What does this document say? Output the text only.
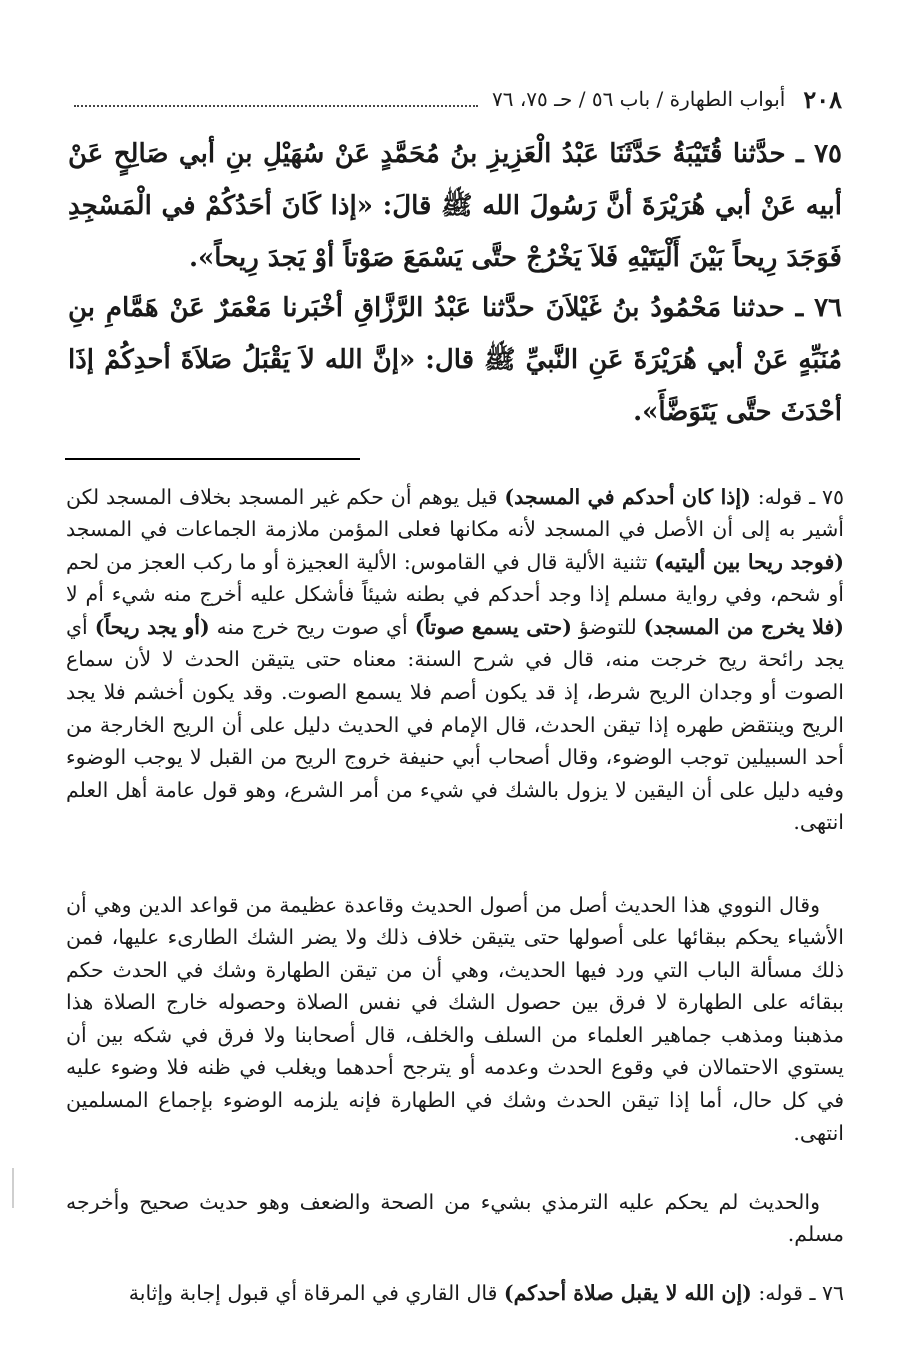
٢٠٨
أبواب الطهارة / باب ٥٦ / حـ ٧٥، ٧٦
٧٥ ـ حدَّثنا قُتَيْبَةُ حَدَّثَنَا عَبْدُ الْعَزِيزِ بنُ مُحَمَّدٍ عَنْ سُهَيْلِ بنِ أبي صَالِحٍ عَنْ أبيه عَنْ أبي هُرَيْرَةَ أنَّ رَسُولَ الله ﷺ قالَ: «إذا كَانَ أحَدُكُمْ في الْمَسْجِدِ فَوَجَدَ رِيحاً بَيْنَ أَلْيَتَيْهِ فَلاَ يَخْرُجْ حتَّى يَسْمَعَ صَوْتاً أوْ يَجدَ رِيحاً».
٧٦ ـ حدثنا مَحْمُودُ بنُ غَيْلاَنَ حدَّثنا عَبْدُ الرَّزَّاقِ أخْبَرنا مَعْمَرٌ عَنْ هَمَّامِ بنِ مُنَبِّهٍ عَنْ أبي هُرَيْرَةَ عَنِ النَّبيِّ ﷺ قال: «إنَّ الله لاَ يَقْبَلُ صَلاَةَ أحدِكُمْ إذَا أحْدَثَ حتَّى يَتَوَضَّأَ».

٧٥ ـ قوله: (إذا كان أحدكم في المسجد) قيل يوهم أن حكم غير المسجد بخلاف المسجد لكن أشير به إلى أن الأصل في المسجد لأنه مكانها فعلى المؤمن ملازمة الجماعات في المسجد (فوجد ريحا بين أليتيه) تثنية الألية قال في القاموس: الألية العجيزة أو ما ركب العجز من لحم أو شحم، وفي رواية مسلم إذا وجد أحدكم في بطنه شيئاً فأشكل عليه أخرج منه شيء أم لا (فلا يخرج من المسجد) للتوضؤ (حتى يسمع صوتاً) أي صوت ريح خرج منه (أو يجد ريحاً) أي يجد رائحة ريح خرجت منه، قال في شرح السنة: معناه حتى يتيقن الحدث لا لأن سماع الصوت أو وجدان الريح شرط، إذ قد يكون أصم فلا يسمع الصوت. وقد يكون أخشم فلا يجد الريح وينتقض طهره إذا تيقن الحدث، قال الإمام في الحديث دليل على أن الريح الخارجة من أحد السبيلين توجب الوضوء، وقال أصحاب أبي حنيفة خروج الريح من القبل لا يوجب الوضوء وفيه دليل على أن اليقين لا يزول بالشك في شيء من أمر الشرع، وهو قول عامة أهل العلم انتهى.

وقال النووي هذا الحديث أصل من أصول الحديث وقاعدة عظيمة من قواعد الدين وهي أن الأشياء يحكم ببقائها على أصولها حتى يتيقن خلاف ذلك ولا يضر الشك الطارىء عليها، فمن ذلك مسألة الباب التي ورد فيها الحديث، وهي أن من تيقن الطهارة وشك في الحدث حكم ببقائه على الطهارة لا فرق بين حصول الشك في نفس الصلاة وحصوله خارج الصلاة هذا مذهبنا ومذهب جماهير العلماء من السلف والخلف، قال أصحابنا ولا فرق في شكه بين أن يستوي الاحتمالان في وقوع الحدث وعدمه أو يترجح أحدهما ويغلب في ظنه فلا وضوء عليه في كل حال، أما إذا تيقن الحدث وشك في الطهارة فإنه يلزمه الوضوء بإجماع المسلمين انتهى.

والحديث لم يحكم عليه الترمذي بشيء من الصحة والضعف وهو حديث صحيح وأخرجه مسلم.

٧٦ ـ قوله: (إن الله لا يقبل صلاة أحدكم) قال القاري في المرقاة أي قبول إجابة وإثابة
